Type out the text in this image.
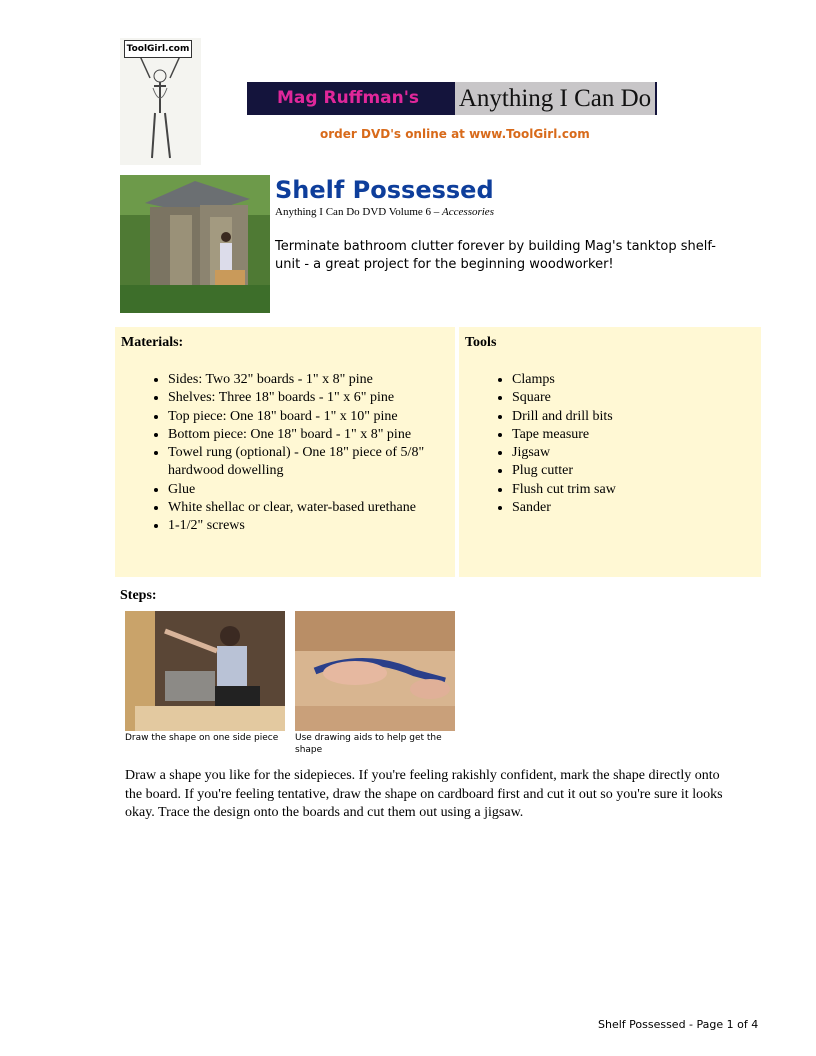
ToolGirl.com
Mag Ruffman's Anything I Can Do
order DVD's online at www.ToolGirl.com
Shelf Possessed
Anything I Can Do DVD Volume 6 – Accessories
Terminate bathroom clutter forever by building Mag's tanktop shelf-unit - a great project for the beginning woodworker!
Materials:
• Sides: Two 32" boards - 1" x 8" pine
• Shelves: Three 18" boards - 1" x 6" pine
• Top piece: One 18" board - 1" x 10" pine
• Bottom piece: One 18" board - 1" x 8" pine
• Towel rung (optional) - One 18" piece of 5/8" hardwood dowelling
• Glue
• White shellac or clear, water-based urethane
• 1-1/2" screws
Tools
• Clamps
• Square
• Drill and drill bits
• Tape measure
• Jigsaw
• Plug cutter
• Flush cut trim saw
• Sander
Steps:
Draw the shape on one side piece	Use drawing aids to help get the shape
Draw a shape you like for the sidepieces. If you're feeling rakishly confident, mark the shape directly onto the board. If you're feeling tentative, draw the shape on cardboard first and cut it out so you're sure it looks okay. Trace the design onto the boards and cut them out using a jigsaw.
Shelf Possessed - Page 1 of 4
